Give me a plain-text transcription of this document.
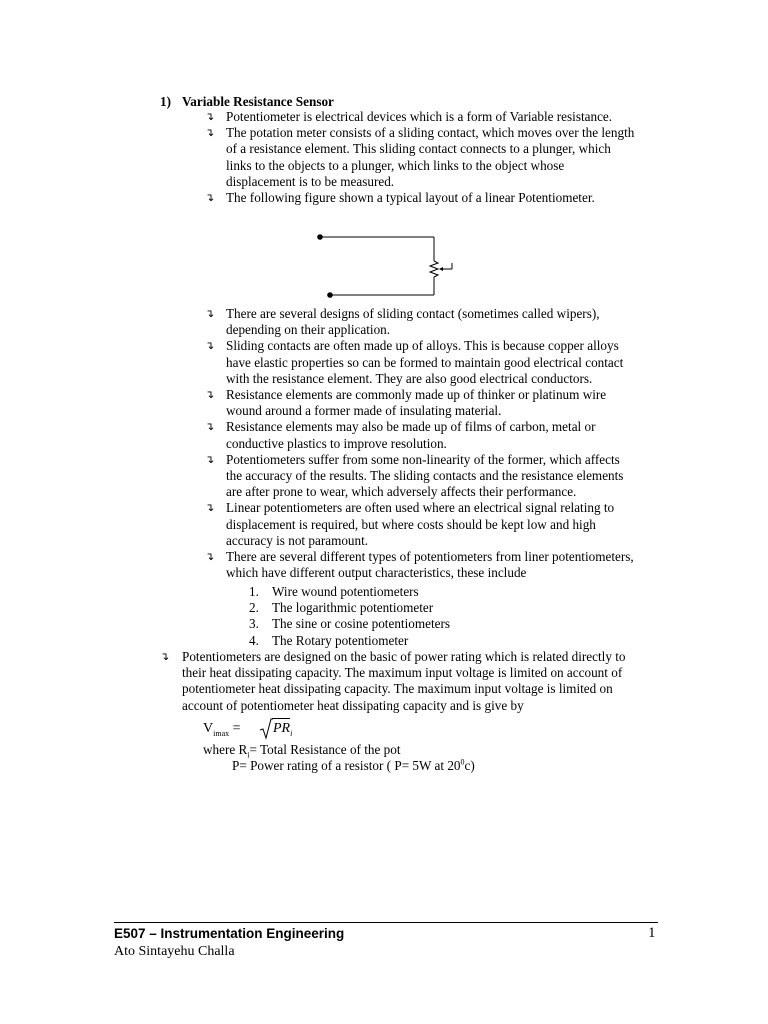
1) Variable Resistance Sensor
↴ Potentiometer is electrical devices which is a form of Variable resistance.
↴ The potation meter consists of a sliding contact, which moves over the length
of a resistance element. This sliding contact connects to a plunger, which
links to the objects to a plunger, which links to the object whose
displacement is to be measured.
↴ The following figure shown a typical layout of a linear Potentiometer.
↴ There are several designs of sliding contact (sometimes called wipers),
depending on their application.
↴ Sliding contacts are often made up of alloys. This is because copper alloys
have elastic properties so can be formed to maintain good electrical contact
with the resistance element. They are also good electrical conductors.
↴ Resistance elements are commonly made up of thinker or platinum wire
wound around a former made of insulating material.
↴ Resistance elements may also be made up of films of carbon, metal or
conductive plastics to improve resolution.
↴ Potentiometers suffer from some non-linearity of the former, which affects
the accuracy of the results. The sliding contacts and the resistance elements
are after prone to wear, which adversely affects their performance.
↴ Linear potentiometers are often used where an electrical signal relating to
displacement is required, but where costs should be kept low and high
accuracy is not paramount.
↴ There are several different types of potentiometers from liner potentiometers,
which have different output characteristics, these include
1. Wire wound potentiometers
2. The logarithmic potentiometer
3. The sine or cosine potentiometers
4. The Rotary potentiometer
↴ Potentiometers are designed on the basic of power rating which is related directly to
their heat dissipating capacity. The maximum input voltage is limited on account of
potentiometer heat dissipating capacity. The maximum input voltage is limited on
account of potentiometer heat dissipating capacity and is give by
$V_{imax} = PR_i$
where $R_i=$ Total Resistance of the pot
P= Power rating of a resistor ( P= 5W at $20^0c$)
E507 – Instrumentation Engineering	1
Ato Sintayehu Challa
